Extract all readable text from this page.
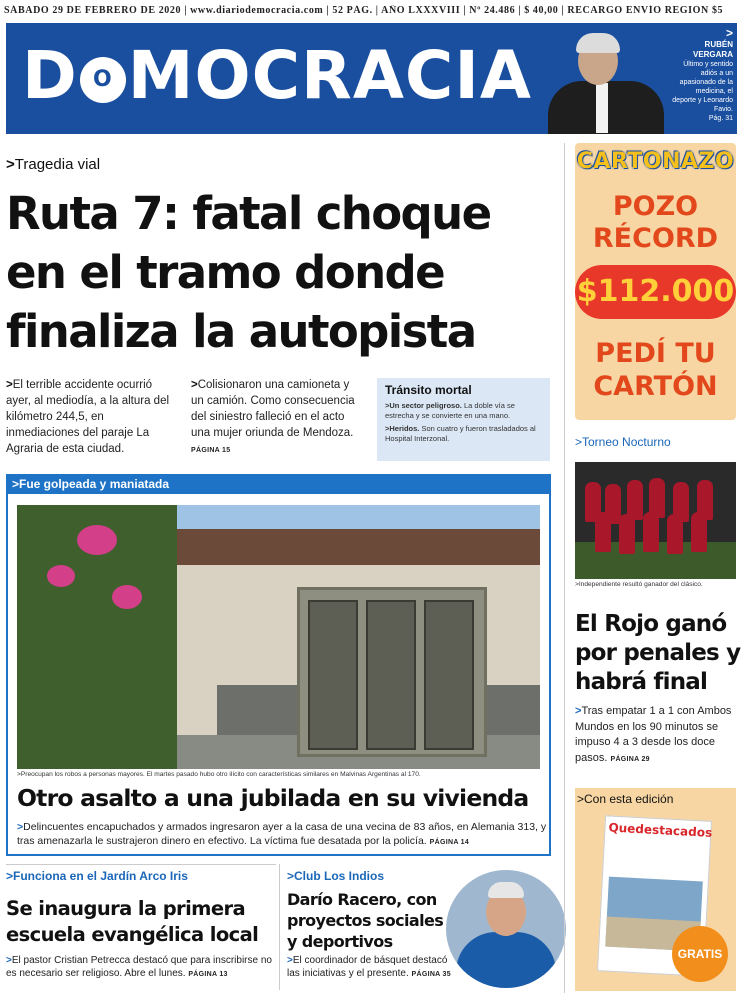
SÁBADO 29 DE FEBRERO DE 2020 | www.diariodemocracia.com | 52 PÁG. | AÑO LXXXVIII | Nº 24.486 | $ 40,00 | RECARGO ENVÍO REGIÓN $5
D O MOCRACIA
>
RUBÉN VERGARA
Último y sentido adiós a un apasionado de la medicina, el deporte y Leonardo Favio.
Pág. 31
>Tragedia vial
Ruta 7: fatal choque
en el tramo donde
finaliza la autopista
>El terrible accidente ocurrió ayer, al mediodía, a la altura del kilómetro 244,5, en inmediaciones del paraje La Agraria de esta ciudad.
>Colisionaron una camioneta y un camión. Como consecuencia del siniestro falleció en el acto una mujer oriunda de Mendoza. PÁGINA 15
Tránsito mortal
>Un sector peligroso. La doble vía se estrecha y se convierte en una mano.
>Heridos. Son cuatro y fueron trasladados al Hospital Interzonal.
>Fue golpeada y maniatada
>Preocupan los robos a personas mayores. El martes pasado hubo otro ilícito con características similares en Malvinas Argentinas al 170.
Otro asalto a una jubilada en su vivienda
>Delincuentes encapuchados y armados ingresaron ayer a la casa de una vecina de 83 años, en Alemania 313, y tras amenazarla le sustrajeron dinero en efectivo. La víctima fue desatada por la policía. PÁGINA 14
>Funciona en el Jardín Arco Iris
Se inaugura la primera
escuela evangélica local
>El pastor Cristian Petrecca destacó que para inscribirse no es necesario ser religioso. Abre el lunes. PÁGINA 13
>Club Los Indios
Darío Racero, con
proyectos sociales
y deportivos
>El coordinador de básquet destacó las iniciativas y el presente. PÁGINA 35
CARTONAZO
POZO
RÉCORD
$112.000
PEDÍ TU
CARTÓN
>Torneo Nocturno
>Independiente resultó ganador del clásico.
El Rojo ganó
por penales y
habrá final
>Tras empatar 1 a 1 con Ambos Mundos en los 90 minutos se impuso 4 a 3 desde los doce pasos. PÁGINA 29
>Con esta edición
Quedestacados
GRATIS
